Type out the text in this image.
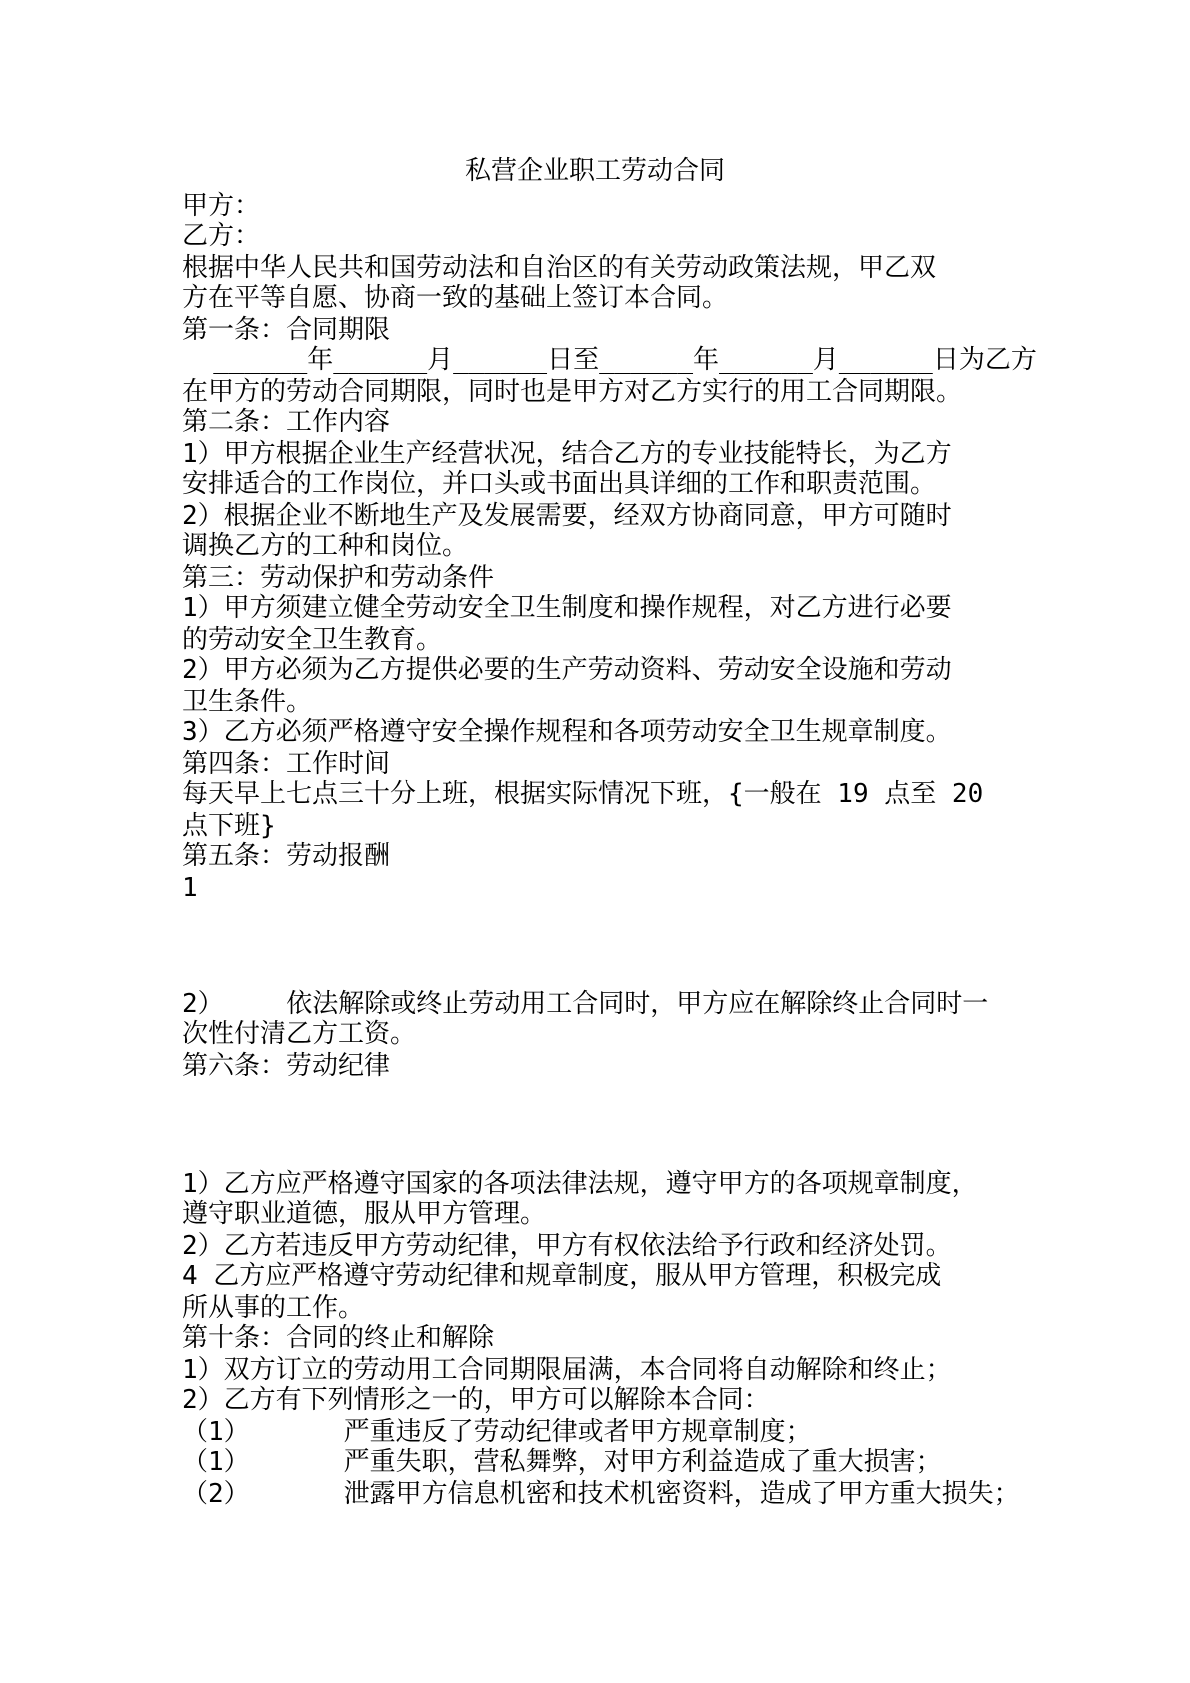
私营企业职工劳动合同
甲方：
乙方：
根据中华人民共和国劳动法和自治区的有关劳动政策法规，甲乙双
方在平等自愿、协商一致的基础上签订本合同。
第一条：合同期限
______年______月______日至______年______月______日为乙方
在甲方的劳动合同期限，同时也是甲方对乙方实行的用工合同期限。
第二条：工作内容
1）甲方根据企业生产经营状况，结合乙方的专业技能特长，为乙方
安排适合的工作岗位，并口头或书面出具详细的工作和职责范围。
2）根据企业不断地生产及发展需要，经双方协商同意，甲方可随时
调换乙方的工种和岗位。
第三：劳动保护和劳动条件
1）甲方须建立健全劳动安全卫生制度和操作规程，对乙方进行必要
的劳动安全卫生教育。
2）甲方必须为乙方提供必要的生产劳动资料、劳动安全设施和劳动
卫生条件。
3）乙方必须严格遵守安全操作规程和各项劳动安全卫生规章制度。
第四条：工作时间
每天早上七点三十分上班，根据实际情况下班，{一般在 19 点至 20
点下班}
第五条：劳动报酬
1
2）    依法解除或终止劳动用工合同时，甲方应在解除终止合同时一
次性付清乙方工资。
第六条：劳动纪律
1）乙方应严格遵守国家的各项法律法规，遵守甲方的各项规章制度，
遵守职业道德，服从甲方管理。
2）乙方若违反甲方劳动纪律，甲方有权依法给予行政和经济处罚。
4 乙方应严格遵守劳动纪律和规章制度，服从甲方管理，积极完成
所从事的工作。
第十条：合同的终止和解除
1）双方订立的劳动用工合同期限届满，本合同将自动解除和终止；
2）乙方有下列情形之一的，甲方可以解除本合同：
（1）      严重违反了劳动纪律或者甲方规章制度；
（1）      严重失职，营私舞弊，对甲方利益造成了重大损害；
（2）      泄露甲方信息机密和技术机密资料，造成了甲方重大损失；
